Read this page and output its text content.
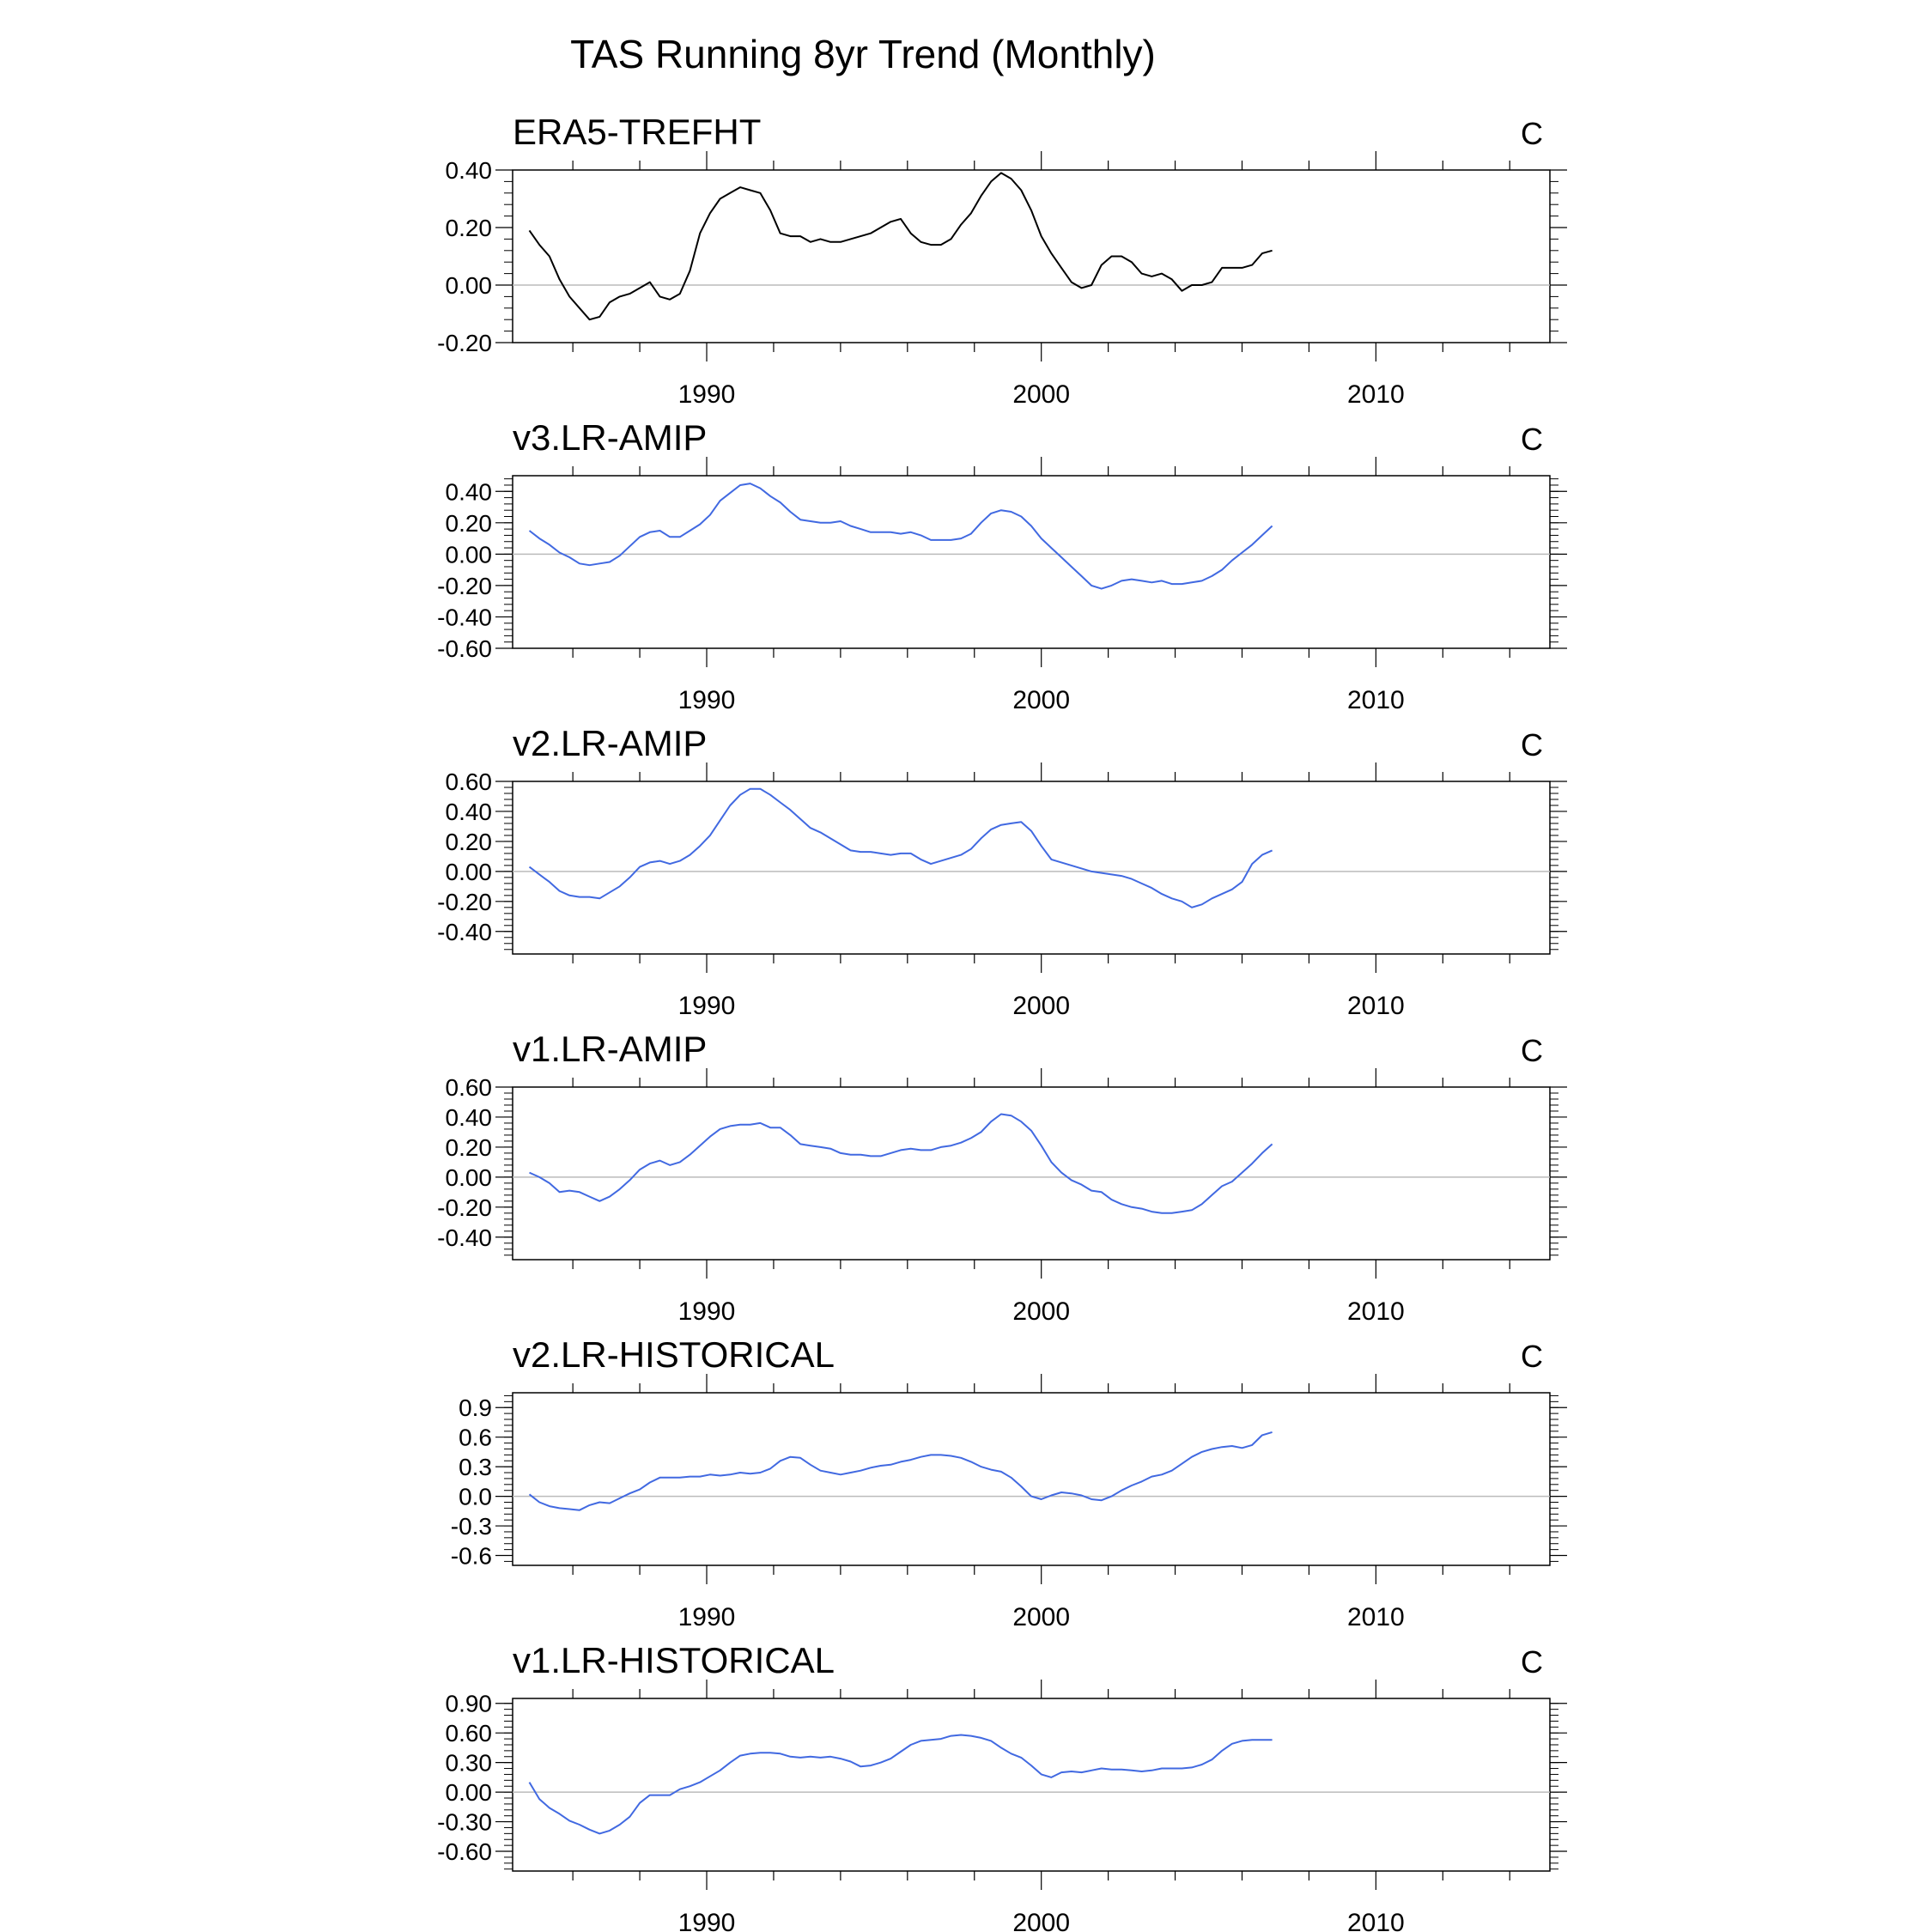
TAS Running 8yr Trend (Monthly)
ERA5-TREFHT	C
-0.20
0.00
0.20
0.40
1990	2000	2010
v3.LR-AMIP	C
-0.60
-0.40
-0.20
0.00
0.20
0.40
1990	2000	2010
v2.LR-AMIP	C
-0.40
-0.20
0.00
0.20
0.40
0.60
1990	2000	2010
v1.LR-AMIP	C
-0.40
-0.20
0.00
0.20
0.40
0.60
1990	2000	2010
v2.LR-HISTORICAL	C
-0.6
-0.3
0.0
0.3
0.6
0.9
1990	2000	2010
v1.LR-HISTORICAL	C
-0.60
-0.30
0.00
0.30
0.60
0.90
1990	2000	2010
